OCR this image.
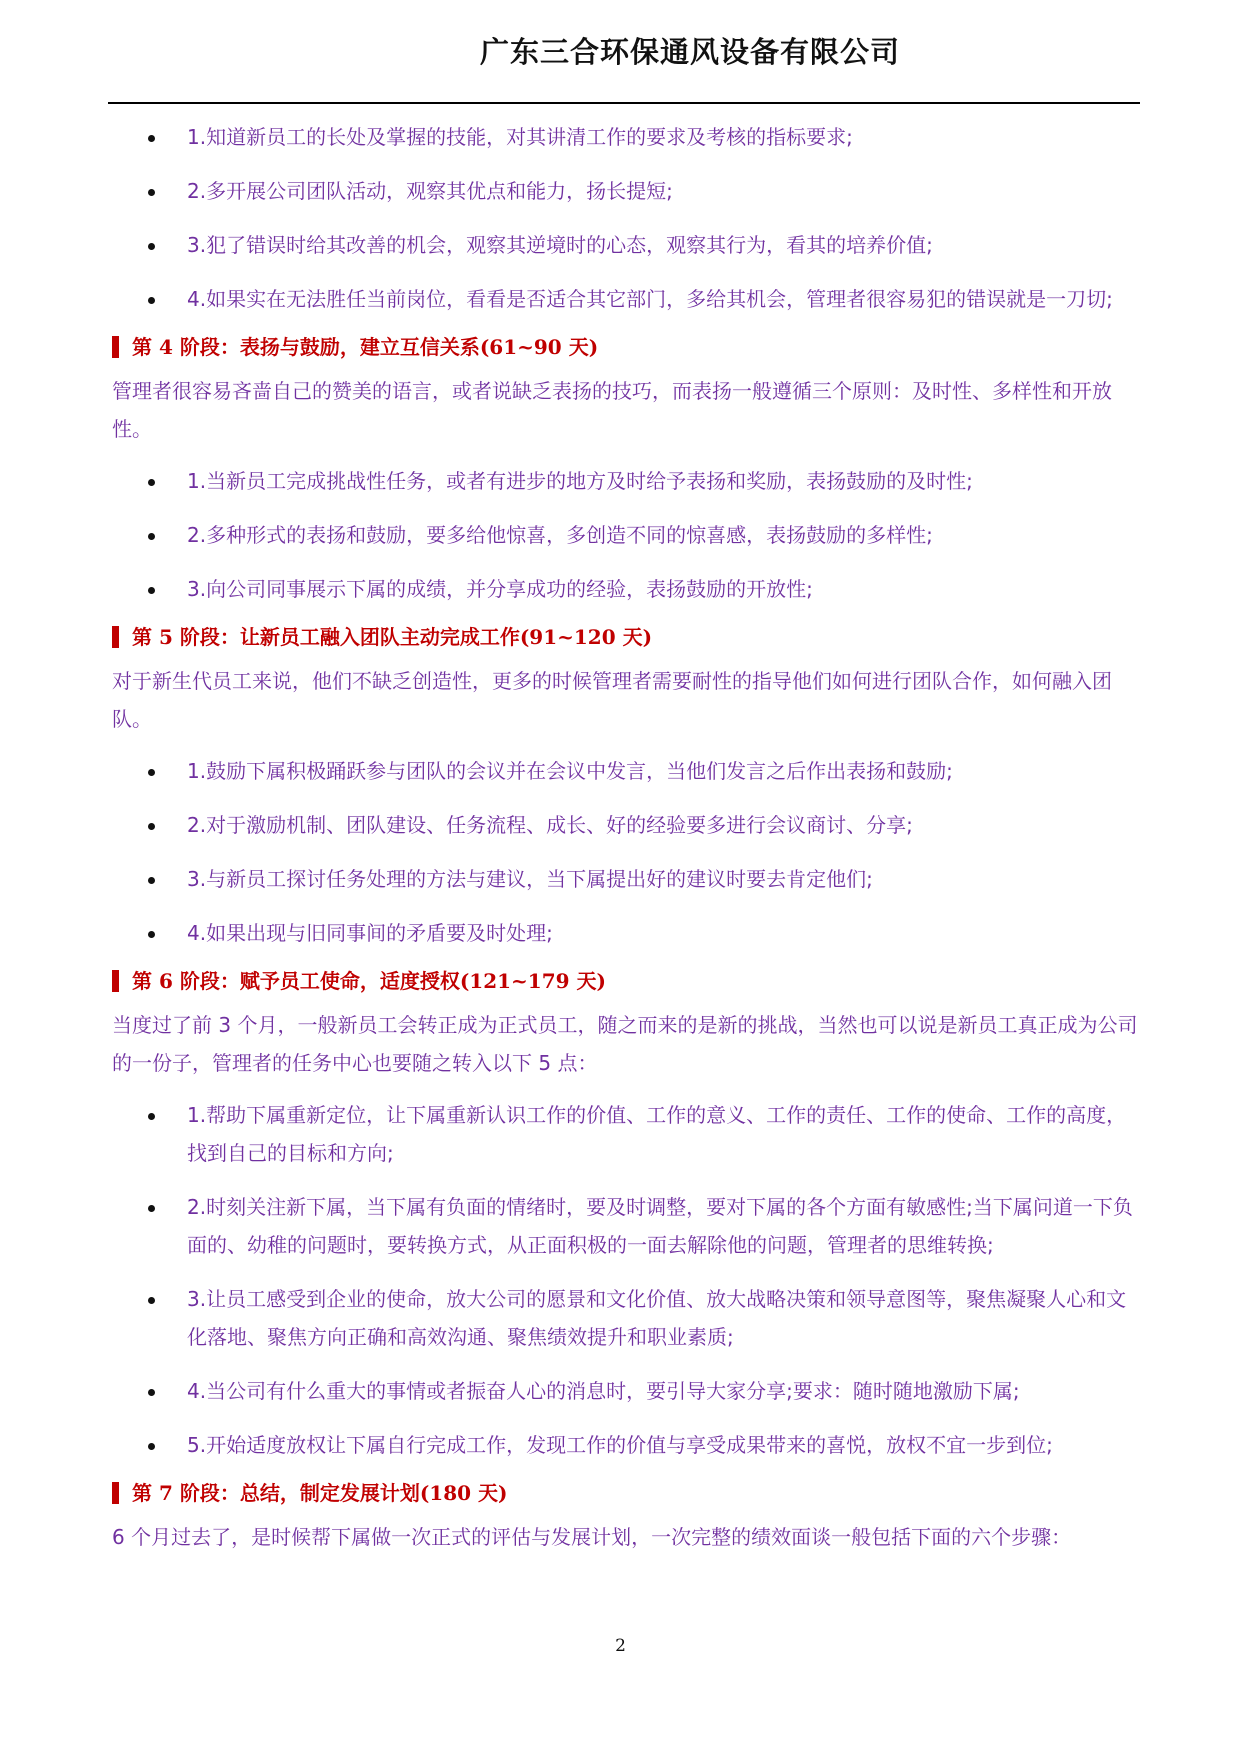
广东三合环保通风设备有限公司
1.知道新员工的长处及掌握的技能，对其讲清工作的要求及考核的指标要求;
2.多开展公司团队活动，观察其优点和能力，扬长提短;
3.犯了错误时给其改善的机会，观察其逆境时的心态，观察其行为，看其的培养价值;
4.如果实在无法胜任当前岗位，看看是否适合其它部门，多给其机会，管理者很容易犯的错误就是一刀切;
第 4 阶段：表扬与鼓励，建立互信关系(61~90 天)

管理者很容易吝啬自己的赞美的语言，或者说缺乏表扬的技巧，而表扬一般遵循三个原则：及时性、多样性和开放性。

1.当新员工完成挑战性任务，或者有进步的地方及时给予表扬和奖励，表扬鼓励的及时性;
2.多种形式的表扬和鼓励，要多给他惊喜，多创造不同的惊喜感，表扬鼓励的多样性;
3.向公司同事展示下属的成绩，并分享成功的经验，表扬鼓励的开放性;
第 5 阶段：让新员工融入团队主动完成工作(91~120 天)

对于新生代员工来说，他们不缺乏创造性，更多的时候管理者需要耐性的指导他们如何进行团队合作，如何融入团队。

1.鼓励下属积极踊跃参与团队的会议并在会议中发言，当他们发言之后作出表扬和鼓励;
2.对于激励机制、团队建设、任务流程、成长、好的经验要多进行会议商讨、分享;
3.与新员工探讨任务处理的方法与建议，当下属提出好的建议时要去肯定他们;
4.如果出现与旧同事间的矛盾要及时处理;
第 6 阶段：赋予员工使命，适度授权(121~179 天)

当度过了前 3 个月，一般新员工会转正成为正式员工，随之而来的是新的挑战，当然也可以说是新员工真正成为公司的一份子，管理者的任务中心也要随之转入以下 5 点：

1.帮助下属重新定位，让下属重新认识工作的价值、工作的意义、工作的责任、工作的使命、工作的高度，找到自己的目标和方向;
2.时刻关注新下属，当下属有负面的情绪时，要及时调整，要对下属的各个方面有敏感性;当下属问道一下负面的、幼稚的问题时，要转换方式，从正面积极的一面去解除他的问题，管理者的思维转换;
3.让员工感受到企业的使命，放大公司的愿景和文化价值、放大战略决策和领导意图等，聚焦凝聚人心和文化落地、聚焦方向正确和高效沟通、聚焦绩效提升和职业素质;
4.当公司有什么重大的事情或者振奋人心的消息时，要引导大家分享;要求：随时随地激励下属;
5.开始适度放权让下属自行完成工作，发现工作的价值与享受成果带来的喜悦，放权不宜一步到位;
第 7 阶段：总结，制定发展计划(180 天)

6 个月过去了，是时候帮下属做一次正式的评估与发展计划，一次完整的绩效面谈一般包括下面的六个步骤：

2
